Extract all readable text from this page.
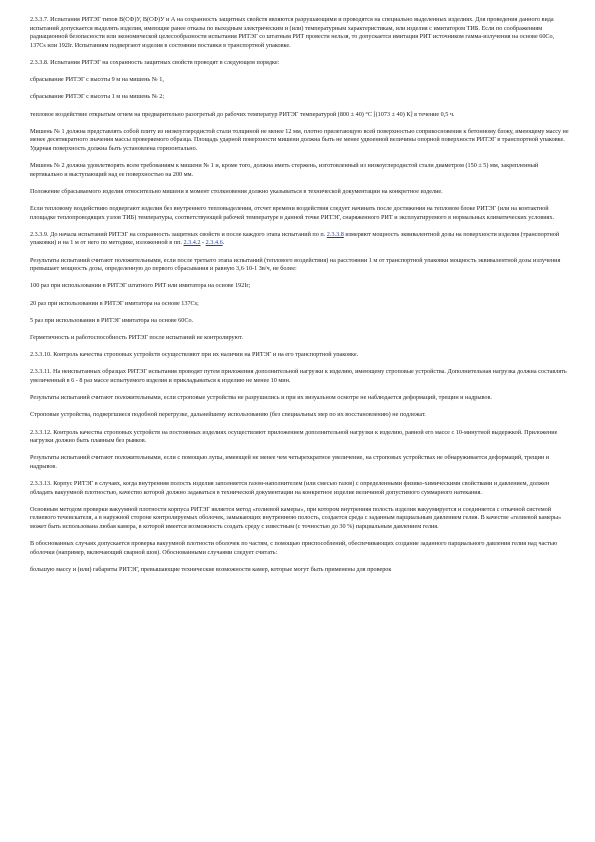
2.3.3.7. Испытания РИТЭГ типов В(СФ)У, В(СФ)У и А на сохранность защитных свойств являются разрушающими и проводятся на специально выделенных изделиях. Для проведения данного вида испытаний допускается выделять изделия, имеющие ранее отказы по выходным электрическим и (или) температурным характеристикам, или изделия с имитатором ТИБ. Если по соображениям радиационной безопасности или экономической целесообразности испытания РИТЭГ со штатным РИТ провести нельзя, то допускается имитация РИТ источником гамма-излучения на основе 60Со, 137Cs или 192Ir. Испытаниям подвергают изделия в состоянии поставки в транспортной упаковке.

2.3.3.8. Испытания РИТЭГ на сохранность защитных свойств проводят в следующем порядке:

сбрасывание РИТЭГ с высоты 9 м на мишень № 1,

сбрасывание РИТЭГ с высоты 1 м на мишень № 2;

тепловое воздействие открытым огнем на предварительно разогретый до рабочих температур РИТЭГ температурой (800 ± 40) °С [(1073 ± 40) К] в течение 0,5 ч.

Мишень № 1 должна представлять собой плиту из низкоуглеродистой стали толщиной не менее 12 мм, плотно прилегающую всей поверхностью соприкосновения к бетонному блоку, имеющему массу не менее десятикратного значения массы проверяемого образца. Площадь ударной поверхности мишени должна быть не менее удвоенной величины опорной поверхности РИТЭГ в транспортной упаковке. Ударная поверхность должна быть установлена горизонтально.

Мишень № 2 должна удовлетворять всем требованиям к мишени № 1 и, кроме того, должна иметь стержень, изготовленный из низкоуглеродистой стали диаметром (150 ± 5) мм, закрепленный вертикально и выступающий над ее поверхностью на 200 мм.

Положение сбрасываемого изделия относительно мишени в момент столкновения должно указываться в технической документации на конкретное изделие.

Если тепловому воздействию подвергают изделия без внутреннего тепловыделения, отсчет времени воздействия следует начинать после достижения на тепловом блоке РИТЭГ (или на контактной площадке теплопроводящих узлов ТИБ) температуры, соответствующей рабочей температуре в данной точке РИТЭГ, снаряженного РИТ и эксплуатируемого в нормальных климатических условиях.

2.3.3.9. До начала испытаний РИТЭГ на сохранность защитных свойств и после каждого этапа испытаний по п. 2.3.3.8 измеряют мощность эквивалентной дозы на поверхности изделия (транспортной упаковки) и на 1 м от него по методике, изложенной в пп. 2.3.4.2 - 2.3.4.6.

Результаты испытаний считают положительными, если после третьего этапа испытаний (теплового воздействия) на расстоянии 1 м от транспортной упаковки мощность эквивалентной дозы излучения превышает мощность дозы, определенную до первого сбрасывания и равную 3,6·10-1 Зв/ч, не более:

100 раз при использовании в РИТЭГ штатного РИТ или имитатора на основе 192Ir;

20 раз при использовании в РИТЭГ имитатора на основе 137Cs;

5 раз при использовании в РИТЭГ имитатора на основе 60Со.

Герметичность и работоспособность РИТЭГ после испытаний не контролируют.

2.3.3.10. Контроль качества строповых устройств осуществляют при их наличии на РИТЭГ и на его транспортной упаковке.

2.3.3.11. На неиспытанных образцах РИТЭГ испытания проводят путем приложения дополнительной нагрузки к изделию, имеющему строповые устройства. Дополнительная нагрузка должна составлять увеличенный в 6 - 8 раз массе испытуемого изделия и прикладываться к изделию не менее 10 мин.

Результаты испытаний считают положительными, если строповые устройства не разрушились и при их визуальном осмотре не наблюдается деформаций, трещин и надрывов.

Строповые устройства, подвергшиеся подобной перегрузке, дальнейшему использованию (без специальных мер по их восстановлению) не подлежат.

2.3.3.12. Контроль качества строповых устройств на постоянных изделиях осуществляют приложением дополнительной нагрузки к изделию, равной его массе с 10-минутной выдержкой. Приложение нагрузки должно быть плавным без рывков.

Результаты испытаний считают положительными, если с помощью лупы, имеющей не менее чем четырехкратное увеличение, на строповых устройствах не обнаруживается деформаций, трещин и надрывов.

2.3.3.13. Корпус РИТЭГ в случаях, когда внутренняя полость изделия заполняется газом-наполнителем (или смесью газов) с определенными физико-химическими свойствами и давлением, должен обладать вакуумной плотностью, качество которой должно задаваться в технической документации на конкретное изделие величиной допустимого суммарного натекания.

Основным методом проверки вакуумной плотности корпуса РИТЭГ является метод «гелиевой камеры», при котором внутренняя полость изделия вакуумируется и соединяется с откачной системой гелиевого течеискателя, а в наружной стороне контролируемых оболочек, замыкающих внутреннюю полость, создается среда с заданным парциальным давлением гелия. В качестве «гелиевой камеры» может быть использована любая камера, в которой имеется возможность создать среду с известным (с точностью до 30 %) парциальным давлением гелия.

В обоснованных случаях допускается проверка вакуумной плотности оболочек по частям, с помощью приспособлений, обеспечивающих создание заданного парциального давления гелия над частью оболочки (например, включающий сварной шов). Обоснованными случаями следует считать:

большую массу и (или) габариты РИТЭГ, превышающие технические возможности камер, которые могут быть применены для проверок
